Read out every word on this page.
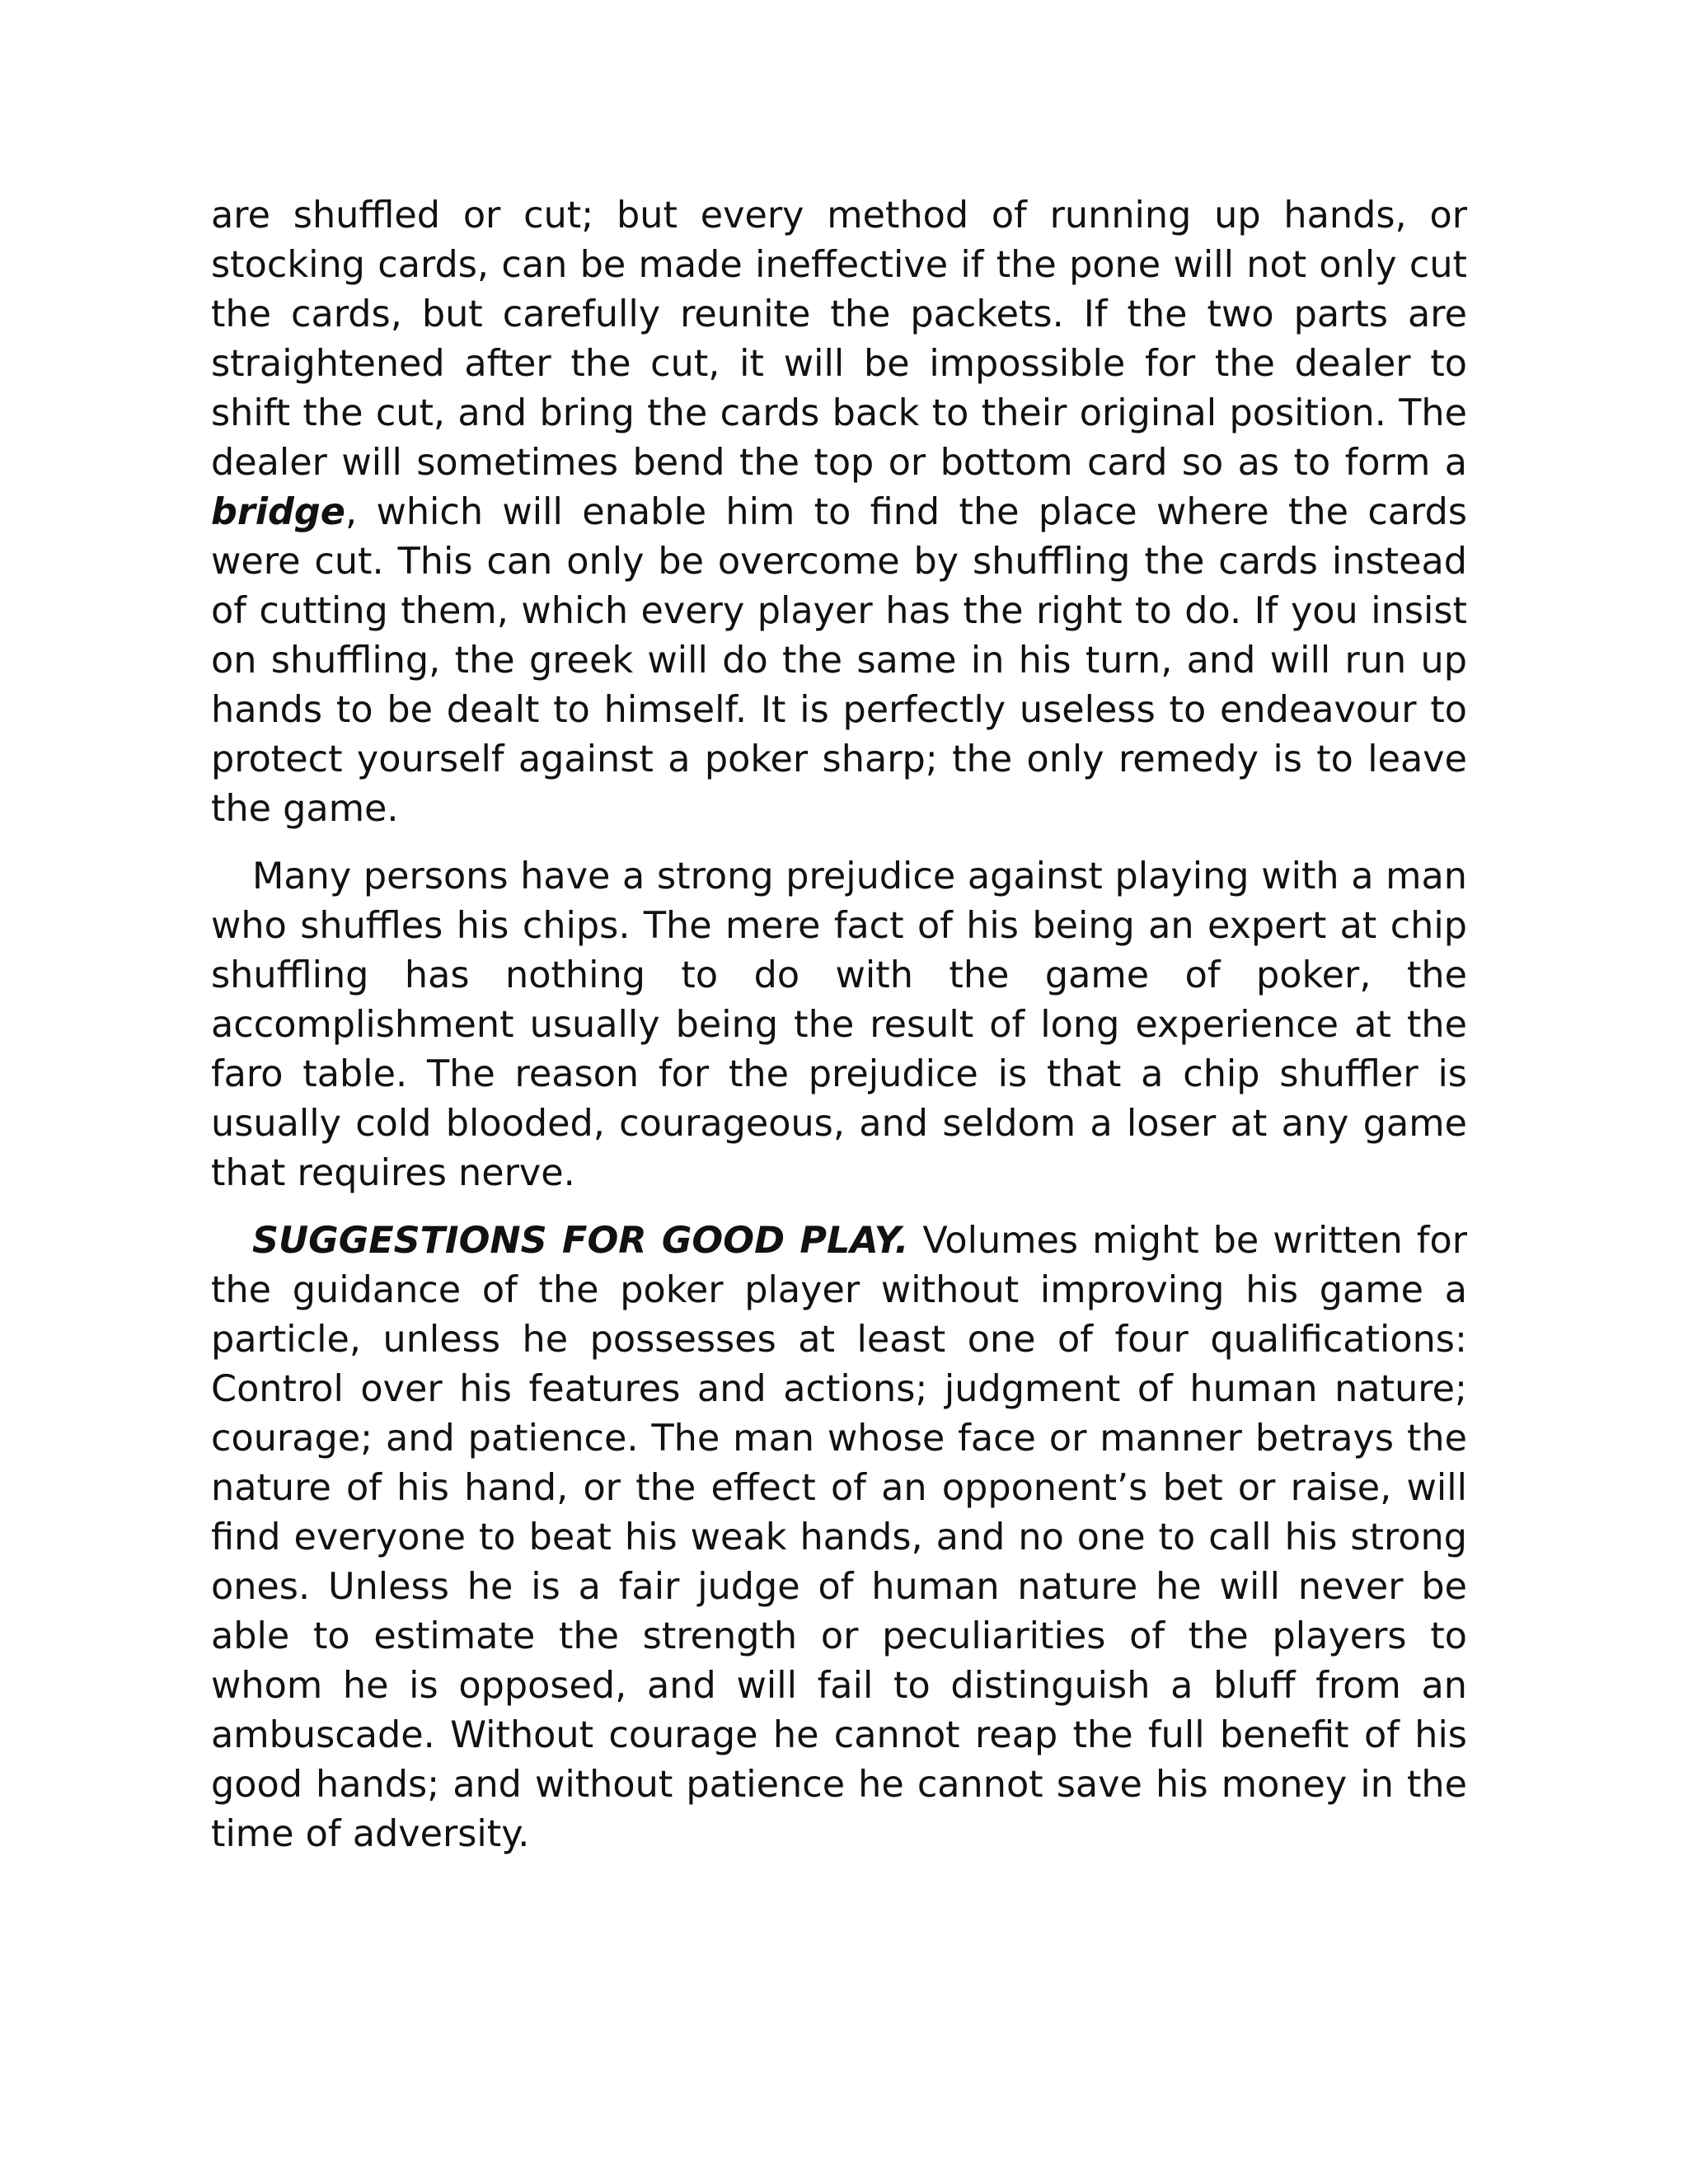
are shuffled or cut; but every method of running up hands, or stocking cards, can be made ineffective if the pone will not only cut the cards, but carefully reunite the packets. If the two parts are straightened after the cut, it will be impossible for the dealer to shift the cut, and bring the cards back to their original position. The dealer will sometimes bend the top or bottom card so as to form a bridge, which will enable him to find the place where the cards were cut. This can only be overcome by shuffling the cards instead of cutting them, which every player has the right to do. If you insist on shuffling, the greek will do the same in his turn, and will run up hands to be dealt to himself. It is perfectly useless to endeavour to protect yourself against a poker sharp; the only remedy is to leave the game.

Many persons have a strong prejudice against playing with a man who shuffles his chips. The mere fact of his being an expert at chip shuffling has nothing to do with the game of poker, the accomplishment usually being the result of long experience at the faro table. The reason for the prejudice is that a chip shuffler is usually cold blooded, courageous, and seldom a loser at any game that requires nerve.

SUGGESTIONS FOR GOOD PLAY. Volumes might be written for the guidance of the poker player without improving his game a particle, unless he possesses at least one of four qualifications: Control over his features and actions; judgment of human nature; courage; and patience. The man whose face or manner betrays the nature of his hand, or the effect of an opponent’s bet or raise, will find everyone to beat his weak hands, and no one to call his strong ones. Unless he is a fair judge of human nature he will never be able to estimate the strength or peculiarities of the players to whom he is opposed, and will fail to distinguish a bluff from an ambuscade. Without courage he cannot reap the full benefit of his good hands; and without patience he cannot save his money in the time of adversity.
